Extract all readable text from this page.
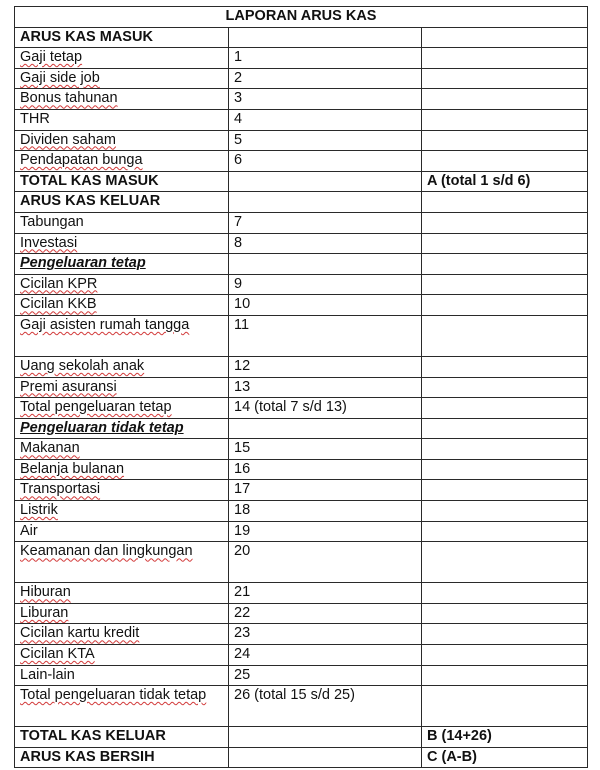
LAPORAN ARUS KAS		
ARUS KAS MASUK		
Gaji tetap	1	
Gaji side job	2	
Bonus tahunan	3	
THR	4	
Dividen saham	5	
Pendapatan bunga	6	
TOTAL KAS MASUK		A (total 1 s/d 6)
ARUS KAS KELUAR		
Tabungan	7	
Investasi	8	
Pengeluaran tetap		
Cicilan KPR	9	
Cicilan KKB	10	
Gaji asisten rumah tangga	11	
Uang sekolah anak	12	
Premi asuransi	13	
Total pengeluaran tetap	14 (total 7 s/d 13)	
Pengeluaran tidak tetap		
Makanan	15	
Belanja bulanan	16	
Transportasi	17	
Listrik	18	
Air	19	
Keamanan dan lingkungan	20	
Hiburan	21	
Liburan	22	
Cicilan kartu kredit	23	
Cicilan KTA	24	
Lain-lain	25	
Total pengeluaran tidak tetap	26 (total 15 s/d 25)	
TOTAL KAS KELUAR		B (14+26)
ARUS KAS BERSIH		C (A-B)
